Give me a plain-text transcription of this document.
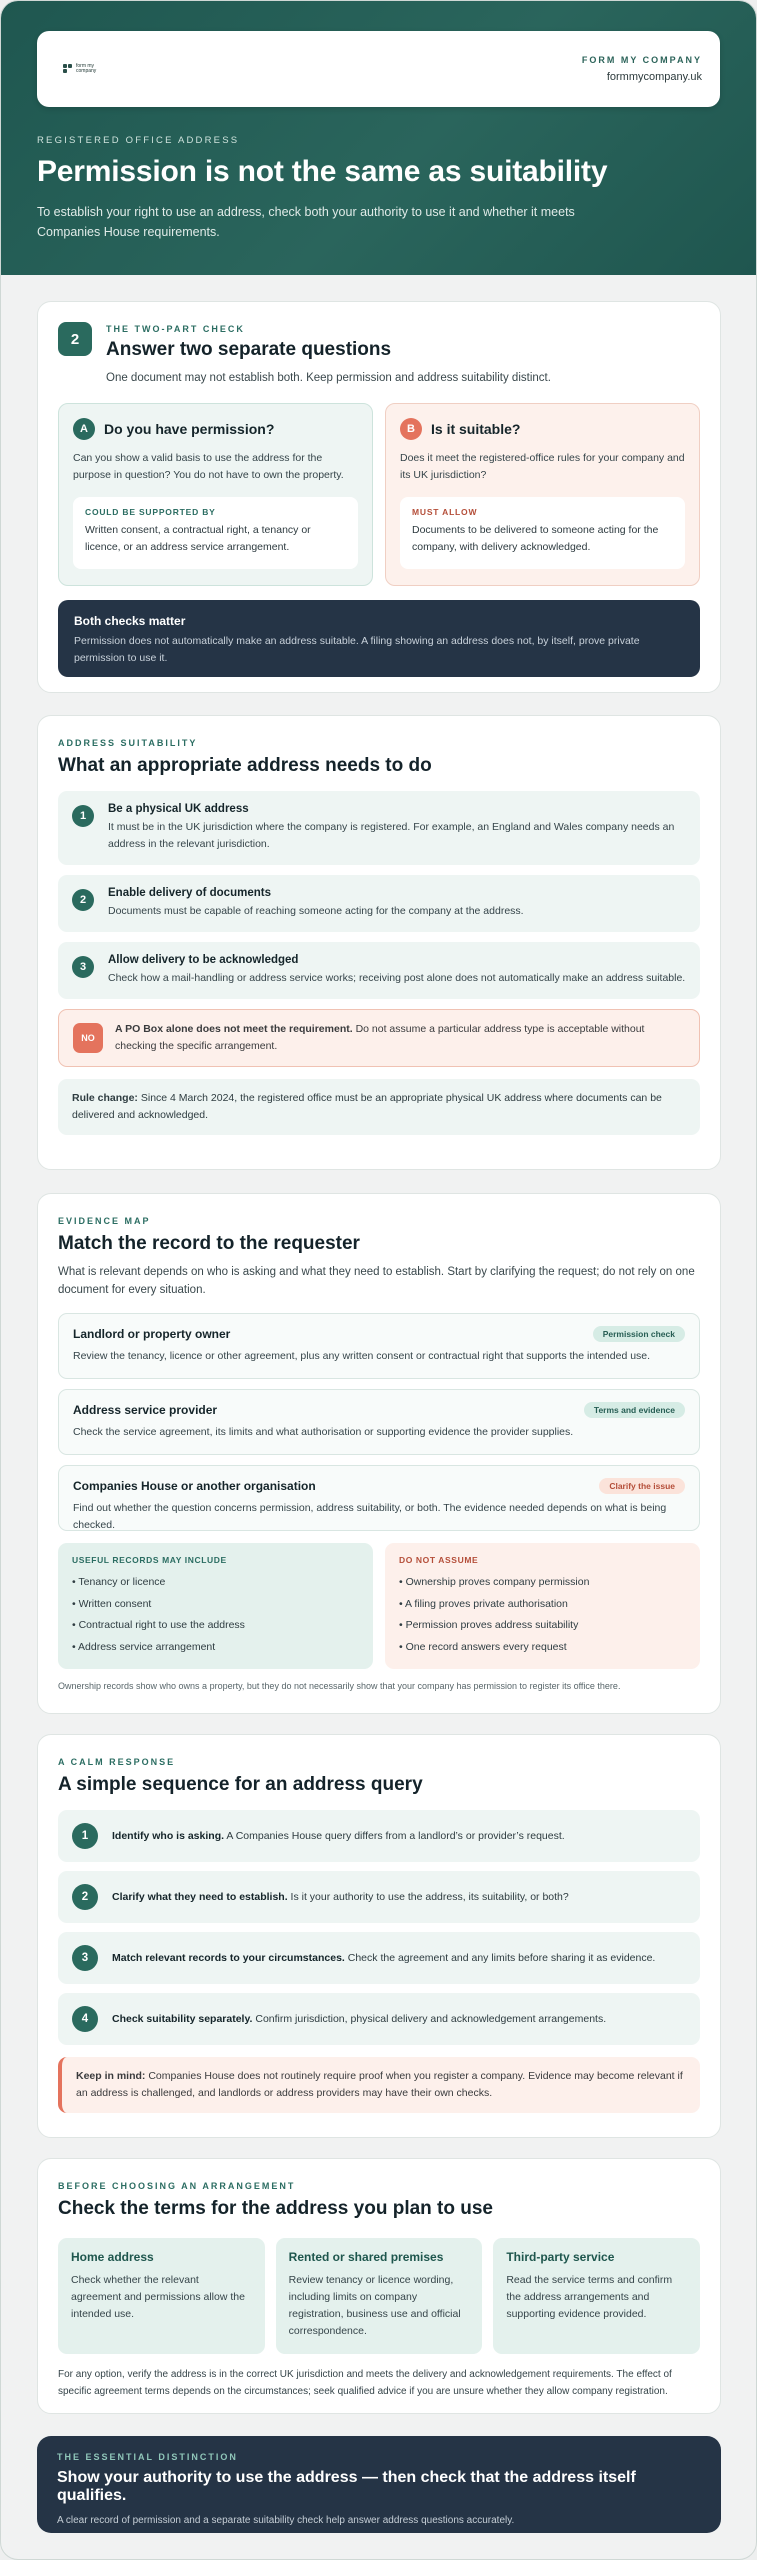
form my company
FORM MY COMPANY
formmycompany.uk
REGISTERED OFFICE ADDRESS
Permission is not the same as suitability

To establish your right to use an address, check both your authority to use it and whether it meets Companies House requirements.

2
THE TWO-PART CHECK
Answer two separate questions

One document may not establish both. Keep permission and address suitability distinct.

A	Do you have permission?

Can you show a valid basis to use the address for the purpose in question? You do not have to own the property.

COULD BE SUPPORTED BY
Written consent, a contractual right, a tenancy or licence, or an address service arrangement.
B	Is it suitable?

Does it meet the registered-office rules for your company and its UK jurisdiction?

MUST ALLOW
Documents to be delivered to someone acting for the company, with delivery acknowledged.
Both checks matter
Permission does not automatically make an address suitable. A filing showing an address does not, by itself, prove private permission to use it.
ADDRESS SUITABILITY
What an appropriate address needs to do
1
Be a physical UK address
It must be in the UK jurisdiction where the company is registered. For example, an England and Wales company needs an address in the relevant jurisdiction.
2
Enable delivery of documents
Documents must be capable of reaching someone acting for the company at the address.
3
Allow delivery to be acknowledged
Check how a mail-handling or address service works; receiving post alone does not automatically make an address suitable.
NO
A PO Box alone does not meet the requirement. Do not assume a particular address type is acceptable without checking the specific arrangement.
Rule change: Since 4 March 2024, the registered office must be an appropriate physical UK address where documents can be delivered and acknowledged.
EVIDENCE MAP
Match the record to the requester

What is relevant depends on who is asking and what they need to establish. Start by clarifying the request; do not rely on one document for every situation.

Landlord or property owner	Permission check
Review the tenancy, licence or other agreement, plus any written consent or contractual right that supports the intended use.
Address service provider	Terms and evidence
Check the service agreement, its limits and what authorisation or supporting evidence the provider supplies.
Companies House or another organisation	Clarify the issue
Find out whether the question concerns permission, address suitability, or both. The evidence needed depends on what is being checked.
USEFUL RECORDS MAY INCLUDE
• Tenancy or licence
• Written consent
• Contractual right to use the address
• Address service arrangement
DO NOT ASSUME
• Ownership proves company permission
• A filing proves private authorisation
• Permission proves address suitability
• One record answers every request

Ownership records show who owns a property, but they do not necessarily show that your company has permission to register its office there.

A CALM RESPONSE
A simple sequence for an address query
1	Identify who is asking. A Companies House query differs from a landlord’s or provider’s request.
2	Clarify what they need to establish. Is it your authority to use the address, its suitability, or both?
3	Match relevant records to your circumstances. Check the agreement and any limits before sharing it as evidence.
4	Check suitability separately. Confirm jurisdiction, physical delivery and acknowledgement arrangements.
Keep in mind: Companies House does not routinely require proof when you register a company. Evidence may become relevant if an address is challenged, and landlords or address providers may have their own checks.
BEFORE CHOOSING AN ARRANGEMENT
Check the terms for the address you plan to use
Home address
Check whether the relevant agreement and permissions allow the intended use.
Rented or shared premises
Review tenancy or licence wording, including limits on company registration, business use and official correspondence.
Third-party service
Read the service terms and confirm the address arrangements and supporting evidence provided.

For any option, verify the address is in the correct UK jurisdiction and meets the delivery and acknowledgement requirements. The effect of specific agreement terms depends on the circumstances; seek qualified advice if you are unsure whether they allow company registration.

THE ESSENTIAL DISTINCTION
Show your authority to use the address — then check that the address itself qualifies.
A clear record of permission and a separate suitability check help answer address questions accurately.
